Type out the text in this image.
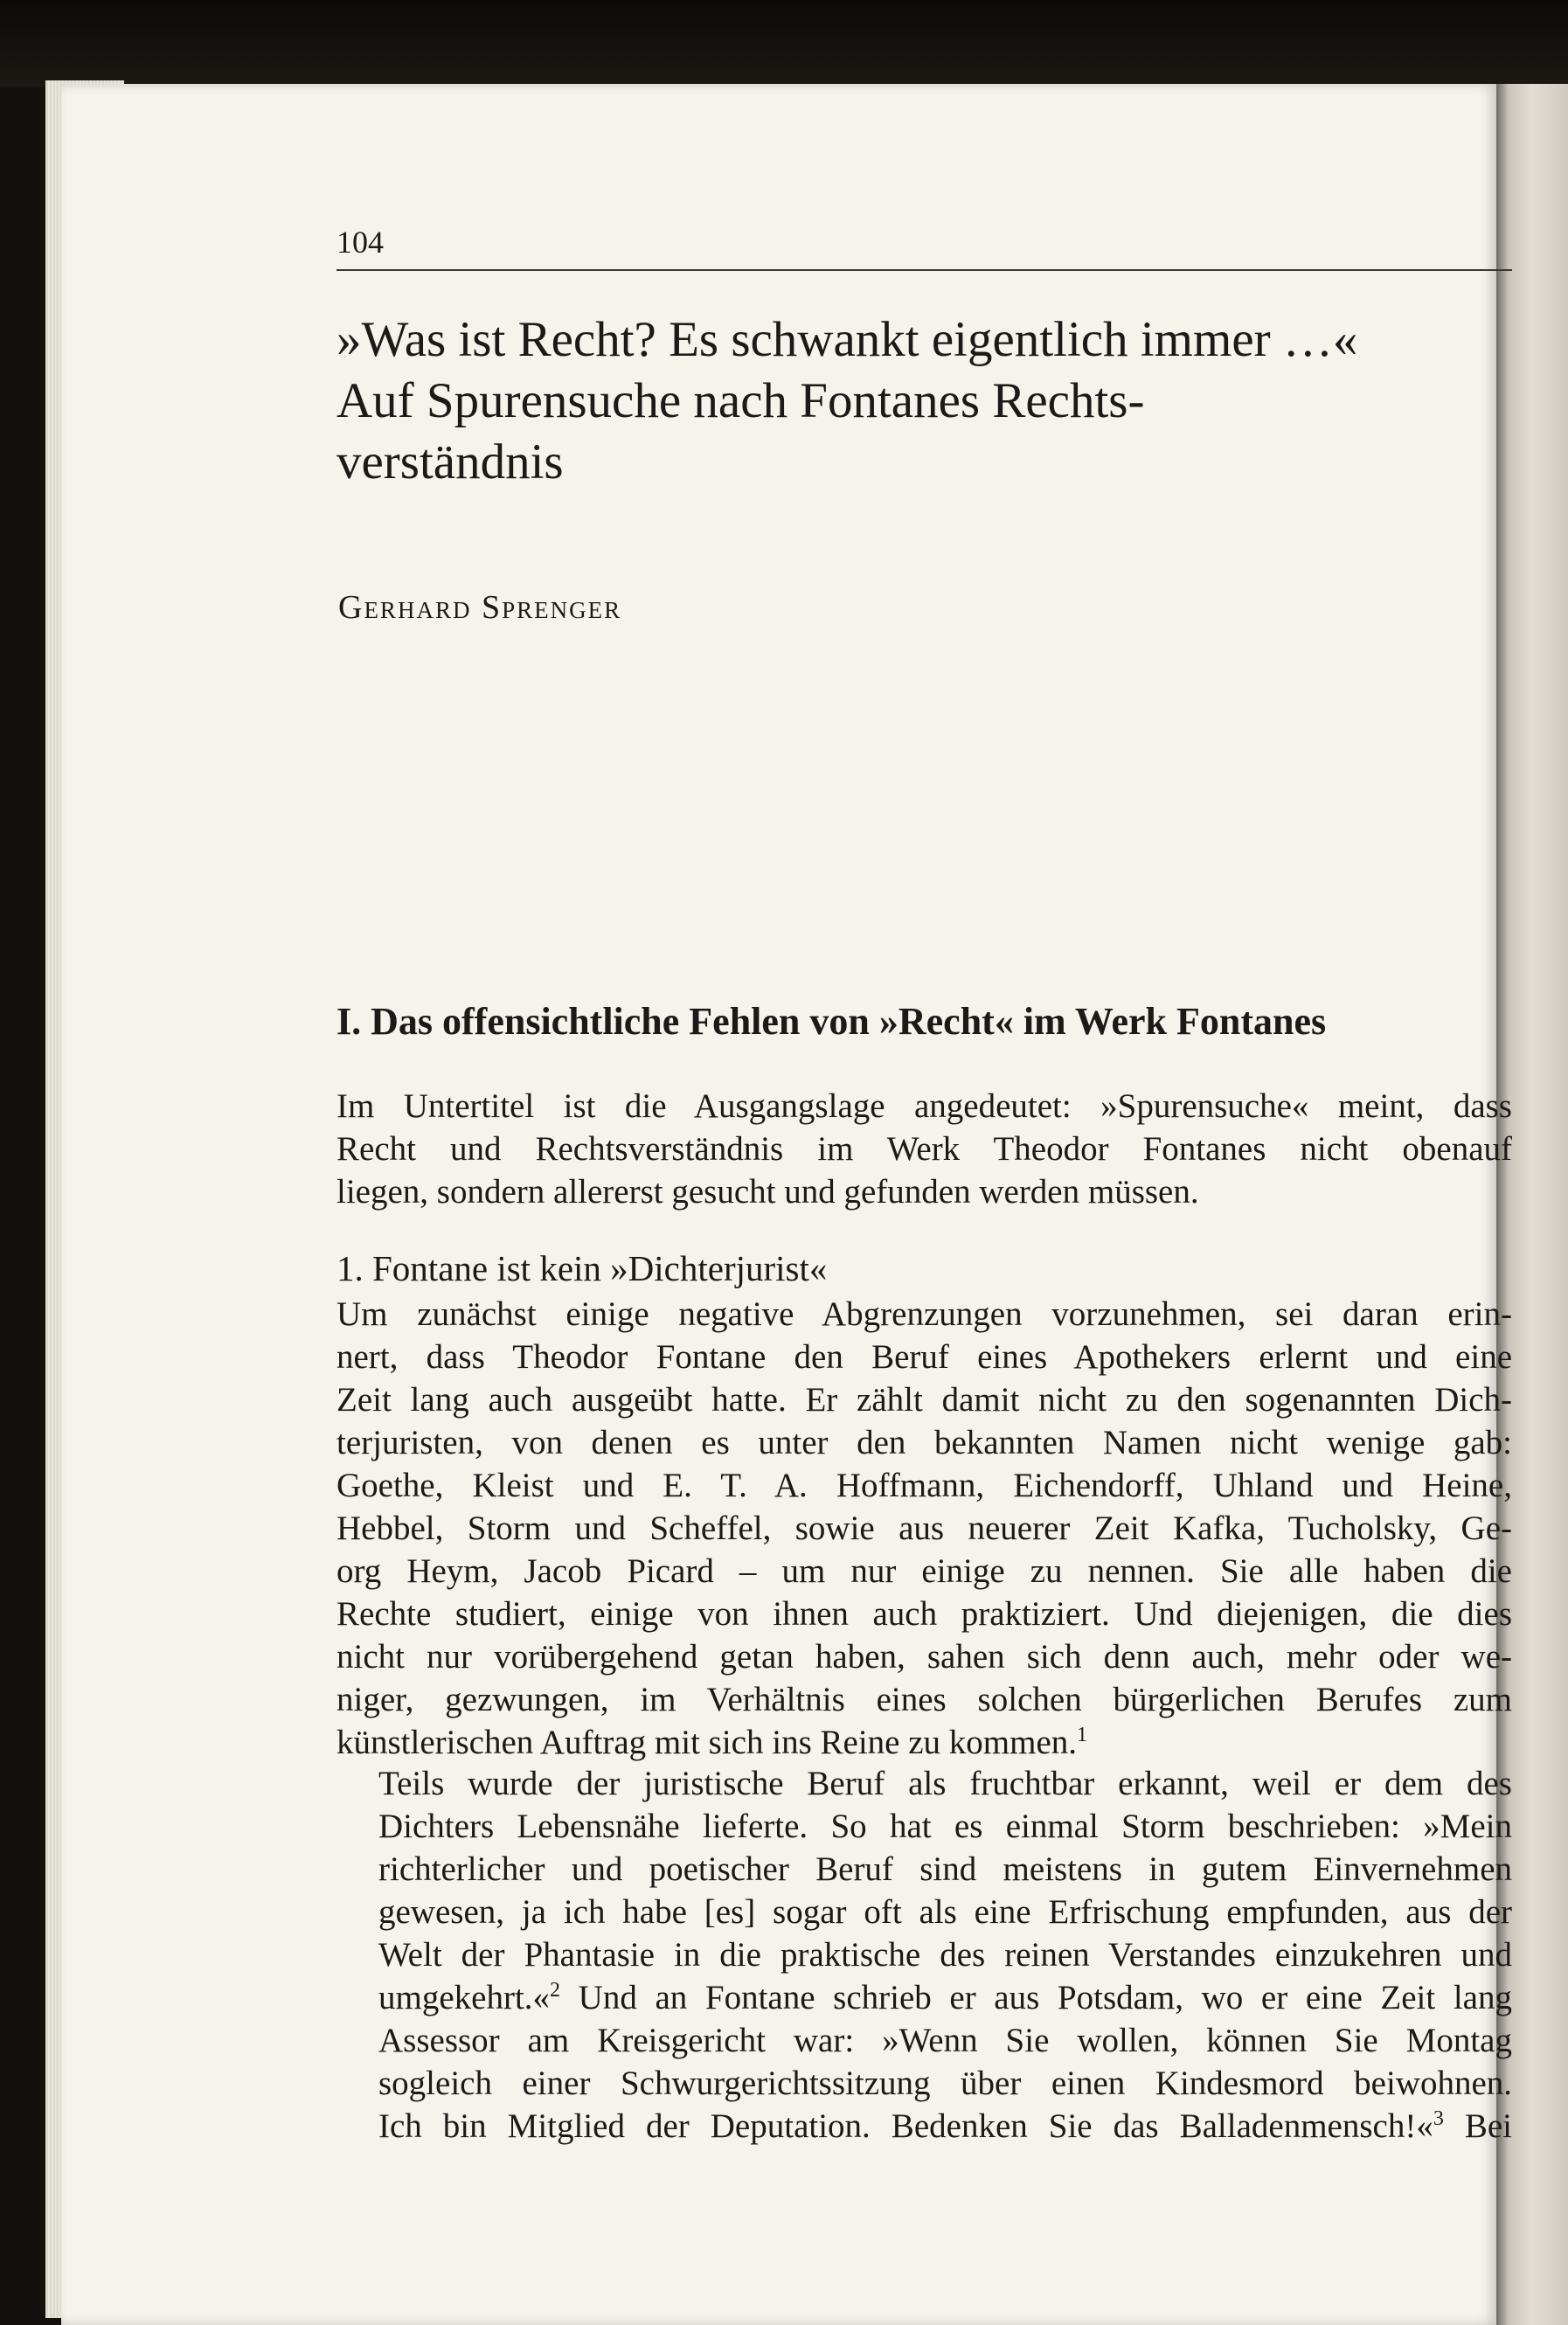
104
»Was ist Recht? Es schwankt eigentlich immer …«
Auf Spurensuche nach Fontanes Rechts-
verständnis
Gerhard Sprenger
I. Das offensichtliche Fehlen von »Recht« im Werk Fontanes

Im Untertitel ist die Ausgangslage angedeutet: »Spurensuche« meint, dass
Recht und Rechtsverständnis im Werk Theodor Fontanes nicht obenauf
liegen, sondern allererst gesucht und gefunden werden müssen.

1. Fontane ist kein »Dichterjurist«

Um zunächst einige negative Abgrenzungen vorzunehmen, sei daran erin-
nert, dass Theodor Fontane den Beruf eines Apothekers erlernt und eine
Zeit lang auch ausgeübt hatte. Er zählt damit nicht zu den sogenannten Dich-
terjuristen, von denen es unter den bekannten Namen nicht wenige gab:
Goethe, Kleist und E. T. A. Hoffmann, Eichendorff, Uhland und Heine,
Hebbel, Storm und Scheffel, sowie aus neuerer Zeit Kafka, Tucholsky, Ge-
org Heym, Jacob Picard – um nur einige zu nennen. Sie alle haben die
Rechte studiert, einige von ihnen auch praktiziert. Und diejenigen, die dies
nicht nur vorübergehend getan haben, sahen sich denn auch, mehr oder we-
niger, gezwungen, im Verhältnis eines solchen bürgerlichen Berufes zum
künstlerischen Auftrag mit sich ins Reine zu kommen.$^1$

Teils wurde der juristische Beruf als fruchtbar erkannt, weil er dem des
Dichters Lebensnähe lieferte. So hat es einmal Storm beschrieben: »Mein
richterlicher und poetischer Beruf sind meistens in gutem Einvernehmen
gewesen, ja ich habe [es] sogar oft als eine Erfrischung empfunden, aus der
Welt der Phantasie in die praktische des reinen Verstandes einzukehren und
umgekehrt.«$^2$ Und an Fontane schrieb er aus Potsdam, wo er eine Zeit lang
Assessor am Kreisgericht war: »Wenn Sie wollen, können Sie Montag
sogleich einer Schwurgerichtssitzung über einen Kindesmord beiwohnen.
Ich bin Mitglied der Deputation. Bedenken Sie das Balladenmensch!«$^3$ Bei
